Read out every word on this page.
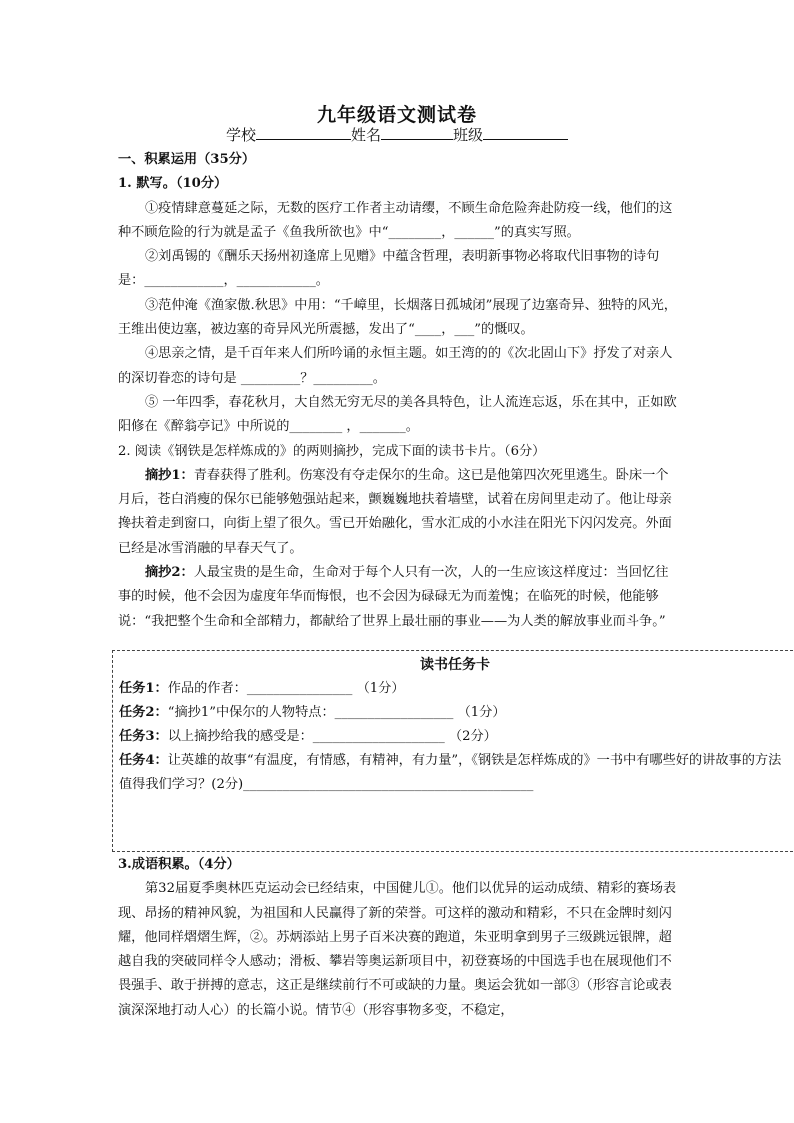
九年级语文测试卷
学校	姓名	班级

一、积累运用（35分）

1. 默写。（10分）

①疫情肆意蔓延之际，无数的医疗工作者主动请缨，不顾生命危险奔赴防疫一线，他们的这种不顾危险的行为就是孟子《鱼我所欲也》中“________，______”的真实写照。

②刘禹锡的《酬乐天扬州初逢席上见赠》中蕴含哲理，表明新事物必将取代旧事物的诗句是：____________，____________。

③范仲淹《渔家傲.秋思》中用：“千嶂里，长烟落日孤城闭”展现了边塞奇异、独特的风光，王维出使边塞，被边塞的奇异风光所震撼，发出了“____，___”的慨叹。

④思亲之情，是千百年来人们所吟诵的永恒主题。如王湾的的《次北固山下》抒发了对亲人的深切眷恋的诗句是 _________？_________。

⑤ 一年四季，春花秋月，大自然无穷无尽的美各具特色，让人流连忘返，乐在其中，正如欧阳修在《醉翁亭记》中所说的________ ，_______。

2. 阅读《钢铁是怎样炼成的》的两则摘抄，完成下面的读书卡片。（6分）

摘抄1：青春获得了胜利。伤寒没有夺走保尔的生命。这已是他第四次死里逃生。卧床一个月后，苍白消瘦的保尔已能够勉强站起来，颤巍巍地扶着墙壁，试着在房间里走动了。他让母亲搀扶着走到窗口，向街上望了很久。雪已开始融化，雪水汇成的小水洼在阳光下闪闪发亮。外面已经是冰雪消融的早春天气了。

摘抄2：人最宝贵的是生命，生命对于每个人只有一次，人的一生应该这样度过：当回忆往事的时候，他不会因为虚度年华而悔恨，也不会因为碌碌无为而羞愧；在临死的时候，他能够说：“我把整个生命和全部精力，都献给了世界上最壮丽的事业——为人类的解放事业而斗争。”

读书任务卡

任务1：作品的作者：________________ （1分）

任务2：“摘抄1”中保尔的人物特点：__________________ （1分）

任务3：以上摘抄给我的感受是：____________________ （2分）

任务4：让英雄的故事“有温度，有情感，有精神，有力量”，《钢铁是怎样炼成的》一书中有哪些好的讲故事的方法值得我们学习？(2分)____________________________________________

3.成语积累。（4分）

第32届夏季奥林匹克运动会已经结束，中国健儿①。他们以优异的运动成绩、精彩的赛场表现、昂扬的精神风貌，为祖国和人民赢得了新的荣誉。可这样的激动和精彩，不只在金牌时刻闪耀，他同样熠熠生辉，②。苏炳添站上男子百米决赛的跑道，朱亚明拿到男子三级跳远银牌，超越自我的突破同样令人感动；滑板、攀岩等奥运新项目中，初登赛场的中国选手也在展现他们不畏强手、敢于拼搏的意志，这正是继续前行不可或缺的力量。奥运会犹如一部③（形容言论或表演深深地打动人心）的长篇小说。情节④（形容事物多变，不稳定，
